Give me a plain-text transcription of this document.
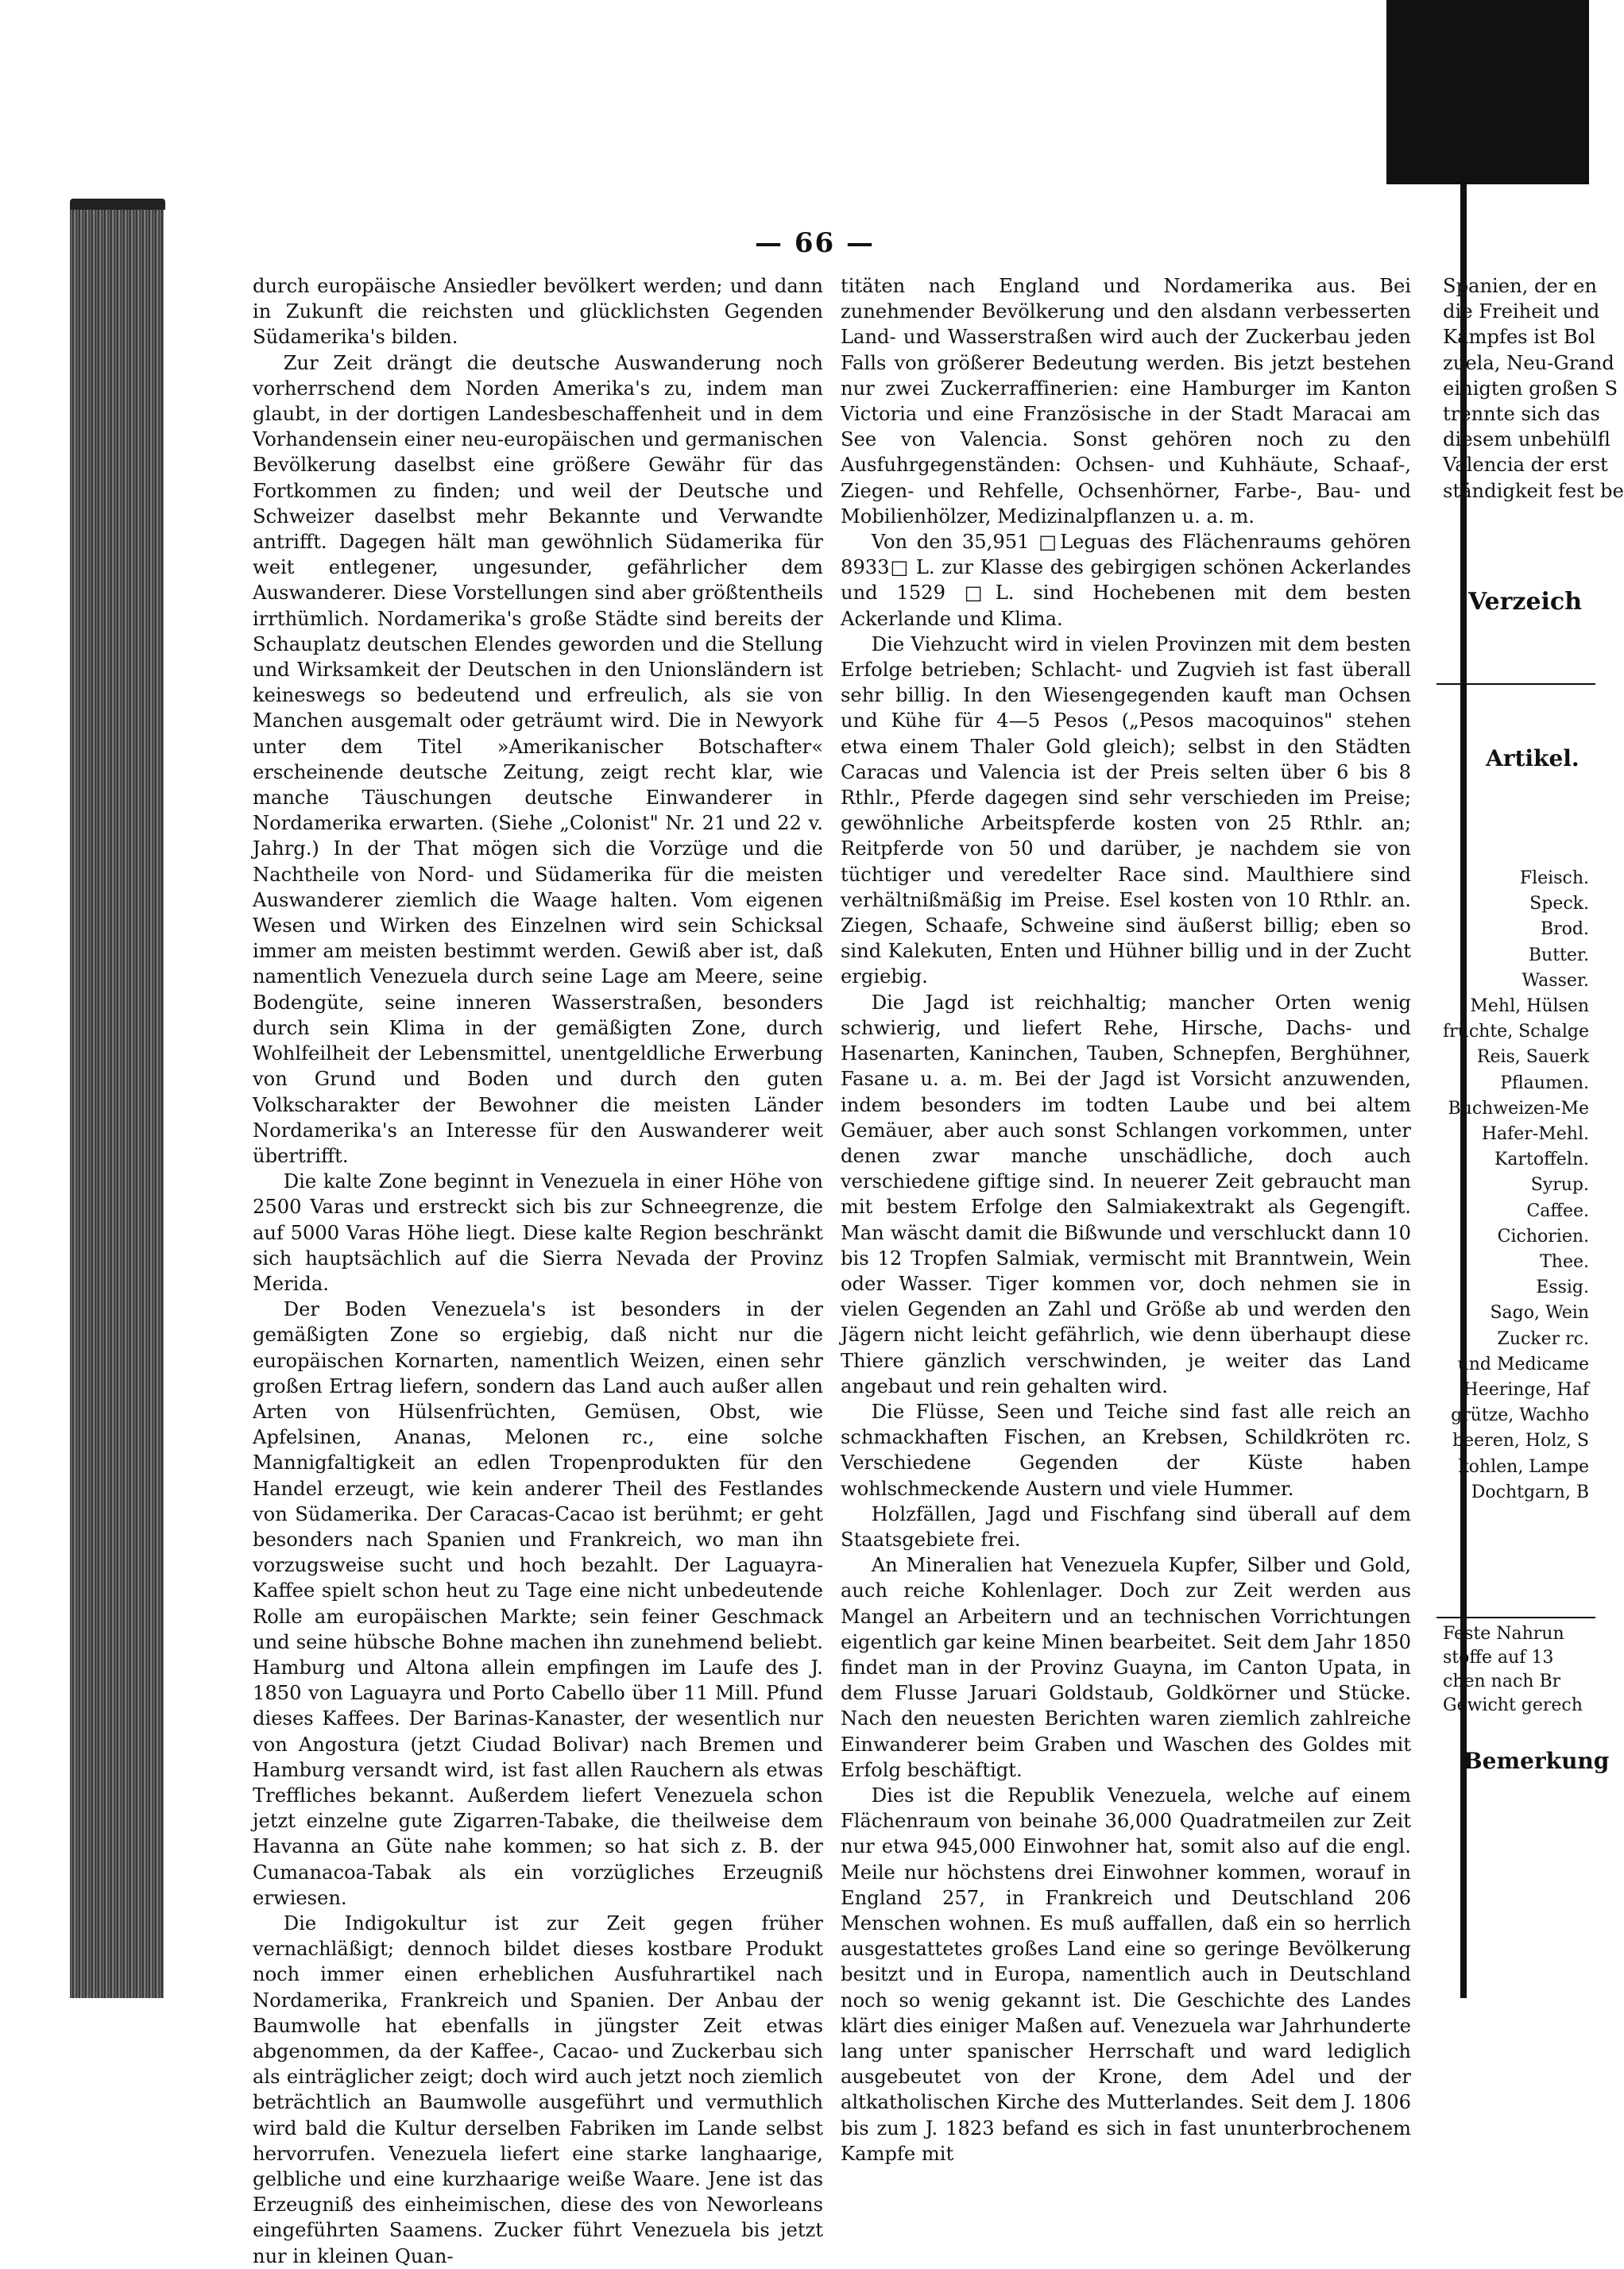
— 66 —

durch europäische Ansiedler bevölkert werden; und dann in Zukunft die reichsten und glücklichsten Gegenden Südamerika's bilden.

Zur Zeit drängt die deutsche Auswanderung noch vorherrschend dem Norden Amerika's zu, indem man glaubt, in der dortigen Landesbeschaffenheit und in dem Vorhandensein einer neu-europäischen und germanischen Bevölkerung daselbst eine größere Gewähr für das Fortkommen zu finden; und weil der Deutsche und Schweizer daselbst mehr Bekannte und Verwandte antrifft. Dagegen hält man gewöhnlich Südamerika für weit entlegener, ungesunder, gefährlicher dem Auswanderer. Diese Vorstellungen sind aber größtentheils irrthümlich. Nordamerika's große Städte sind bereits der Schauplatz deutschen Elendes geworden und die Stellung und Wirksamkeit der Deutschen in den Unionsländern ist keineswegs so bedeutend und erfreulich, als sie von Manchen ausgemalt oder geträumt wird. Die in Newyork unter dem Titel »Amerikanischer Botschafter« erscheinende deutsche Zeitung, zeigt recht klar, wie manche Täuschungen deutsche Einwanderer in Nordamerika erwarten. (Siehe „Colonist" Nr. 21 und 22 v. Jahrg.) In der That mögen sich die Vorzüge und die Nachtheile von Nord- und Südamerika für die meisten Auswanderer ziemlich die Waage halten. Vom eigenen Wesen und Wirken des Einzelnen wird sein Schicksal immer am meisten bestimmt werden. Gewiß aber ist, daß namentlich Venezuela durch seine Lage am Meere, seine Bodengüte, seine inneren Wasserstraßen, besonders durch sein Klima in der gemäßigten Zone, durch Wohlfeilheit der Lebensmittel, unentgeldliche Erwerbung von Grund und Boden und durch den guten Volkscharakter der Bewohner die meisten Länder Nordamerika's an Interesse für den Auswanderer weit übertrifft.

Die kalte Zone beginnt in Venezuela in einer Höhe von 2500 Varas und erstreckt sich bis zur Schneegrenze, die auf 5000 Varas Höhe liegt. Diese kalte Region beschränkt sich hauptsächlich auf die Sierra Nevada der Provinz Merida.

Der Boden Venezuela's ist besonders in der gemäßigten Zone so ergiebig, daß nicht nur die europäischen Kornarten, namentlich Weizen, einen sehr großen Ertrag liefern, sondern das Land auch außer allen Arten von Hülsenfrüchten, Gemüsen, Obst, wie Apfelsinen, Ananas, Melonen rc., eine solche Mannigfaltigkeit an edlen Tropenprodukten für den Handel erzeugt, wie kein anderer Theil des Festlandes von Südamerika. Der Caracas-Cacao ist berühmt; er geht besonders nach Spanien und Frankreich, wo man ihn vorzugsweise sucht und hoch bezahlt. Der Laguayra-Kaffee spielt schon heut zu Tage eine nicht unbedeutende Rolle am europäischen Markte; sein feiner Geschmack und seine hübsche Bohne machen ihn zunehmend beliebt. Hamburg und Altona allein empfingen im Laufe des J. 1850 von Laguayra und Porto Cabello über 11 Mill. Pfund dieses Kaffees. Der Barinas-Kanaster, der wesentlich nur von Angostura (jetzt Ciudad Bolivar) nach Bremen und Hamburg versandt wird, ist fast allen Rauchern als etwas Treffliches bekannt. Außerdem liefert Venezuela schon jetzt einzelne gute Zigarren-Tabake, die theilweise dem Havanna an Güte nahe kommen; so hat sich z. B. der Cumanacoa-Tabak als ein vorzügliches Erzeugniß erwiesen.

Die Indigokultur ist zur Zeit gegen früher vernachläßigt; dennoch bildet dieses kostbare Produkt noch immer einen erheblichen Ausfuhrartikel nach Nordamerika, Frankreich und Spanien. Der Anbau der Baumwolle hat ebenfalls in jüngster Zeit etwas abgenommen, da der Kaffee-, Cacao- und Zuckerbau sich als einträglicher zeigt; doch wird auch jetzt noch ziemlich beträchtlich an Baumwolle ausgeführt und vermuthlich wird bald die Kultur derselben Fabriken im Lande selbst hervorrufen. Venezuela liefert eine starke langhaarige, gelbliche und eine kurzhaarige weiße Waare. Jene ist das Erzeugniß des einheimischen, diese des von Neworleans eingeführten Saamens. Zucker führt Venezuela bis jetzt nur in kleinen Quan-

titäten nach England und Nordamerika aus. Bei zunehmender Bevölkerung und den alsdann verbesserten Land- und Wasserstraßen wird auch der Zuckerbau jeden Falls von größerer Bedeutung werden. Bis jetzt bestehen nur zwei Zuckerraffinerien: eine Hamburger im Kanton Victoria und eine Französische in der Stadt Maracai am See von Valencia. Sonst gehören noch zu den Ausfuhrgegenständen: Ochsen- und Kuhhäute, Schaaf-, Ziegen- und Rehfelle, Ochsenhörner, Farbe-, Bau- und Mobilienhölzer, Medizinalpflanzen u. a. m.

Von den 35,951 □Leguas des Flächenraums gehören 8933□ L. zur Klasse des gebirgigen schönen Ackerlandes und 1529 □L. sind Hochebenen mit dem besten Ackerlande und Klima.

Die Viehzucht wird in vielen Provinzen mit dem besten Erfolge betrieben; Schlacht- und Zugvieh ist fast überall sehr billig. In den Wiesengegenden kauft man Ochsen und Kühe für 4—5 Pesos („Pesos macoquinos" stehen etwa einem Thaler Gold gleich); selbst in den Städten Caracas und Valencia ist der Preis selten über 6 bis 8 Rthlr., Pferde dagegen sind sehr verschieden im Preise; gewöhnliche Arbeitspferde kosten von 25 Rthlr. an; Reitpferde von 50 und darüber, je nachdem sie von tüchtiger und veredelter Race sind. Maulthiere sind verhältnißmäßig im Preise. Esel kosten von 10 Rthlr. an. Ziegen, Schaafe, Schweine sind äußerst billig; eben so sind Kalekuten, Enten und Hühner billig und in der Zucht ergiebig.

Die Jagd ist reichhaltig; mancher Orten wenig schwierig, und liefert Rehe, Hirsche, Dachs- und Hasenarten, Kaninchen, Tauben, Schnepfen, Berghühner, Fasane u. a. m. Bei der Jagd ist Vorsicht anzuwenden, indem besonders im todten Laube und bei altem Gemäuer, aber auch sonst Schlangen vorkommen, unter denen zwar manche unschädliche, doch auch verschiedene giftige sind. In neuerer Zeit gebraucht man mit bestem Erfolge den Salmiakextrakt als Gegengift. Man wäscht damit die Bißwunde und verschluckt dann 10 bis 12 Tropfen Salmiak, vermischt mit Branntwein, Wein oder Wasser. Tiger kommen vor, doch nehmen sie in vielen Gegenden an Zahl und Größe ab und werden den Jägern nicht leicht gefährlich, wie denn überhaupt diese Thiere gänzlich verschwinden, je weiter das Land angebaut und rein gehalten wird.

Die Flüsse, Seen und Teiche sind fast alle reich an schmackhaften Fischen, an Krebsen, Schildkröten rc. Verschiedene Gegenden der Küste haben wohlschmeckende Austern und viele Hummer.

Holzfällen, Jagd und Fischfang sind überall auf dem Staatsgebiete frei.

An Mineralien hat Venezuela Kupfer, Silber und Gold, auch reiche Kohlenlager. Doch zur Zeit werden aus Mangel an Arbeitern und an technischen Vorrichtungen eigentlich gar keine Minen bearbeitet. Seit dem Jahr 1850 findet man in der Provinz Guayna, im Canton Upata, in dem Flusse Jaruari Goldstaub, Goldkörner und Stücke. Nach den neuesten Berichten waren ziemlich zahlreiche Einwanderer beim Graben und Waschen des Goldes mit Erfolg beschäftigt.

Dies ist die Republik Venezuela, welche auf einem Flächenraum von beinahe 36,000 Quadratmeilen zur Zeit nur etwa 945,000 Einwohner hat, somit also auf die engl. Meile nur höchstens drei Einwohner kommen, worauf in England 257, in Frankreich und Deutschland 206 Menschen wohnen. Es muß auffallen, daß ein so herrlich ausgestattetes großes Land eine so geringe Bevölkerung besitzt und in Europa, namentlich auch in Deutschland noch so wenig gekannt ist. Die Geschichte des Landes klärt dies einiger Maßen auf. Venezuela war Jahrhunderte lang unter spanischer Herrschaft und ward lediglich ausgebeutet von der Krone, dem Adel und der altkatholischen Kirche des Mutterlandes. Seit dem J. 1806 bis zum J. 1823 befand es sich in fast ununterbrochenem Kampfe mit

Spanien, der en
die Freiheit und
Kampfes ist Bol
zuela, Neu-Grand
einigten großen S
trennte sich das
diesem unbehülfl
Valencia der erst
ständigkeit fest be
Verzeich
Artikel.
Fleisch.
Speck.
Brod.
Butter.
Wasser.
Mehl, Hülsen
früchte, Schalge
Reis, Sauerk
Pflaumen.
Buchweizen-Me
Hafer-Mehl.
Kartoffeln.
Syrup.
Caffee.
Cichorien.
Thee.
Essig.
Sago, Wein
Zucker rc.
und Medicame
Heeringe, Haf
grütze, Wachho
beeren, Holz, S
kohlen, Lampe
Dochtgarn, B
Feste Nahrun
stoffe auf 13
chen nach Br
Gewicht gerech
Bemerkung
